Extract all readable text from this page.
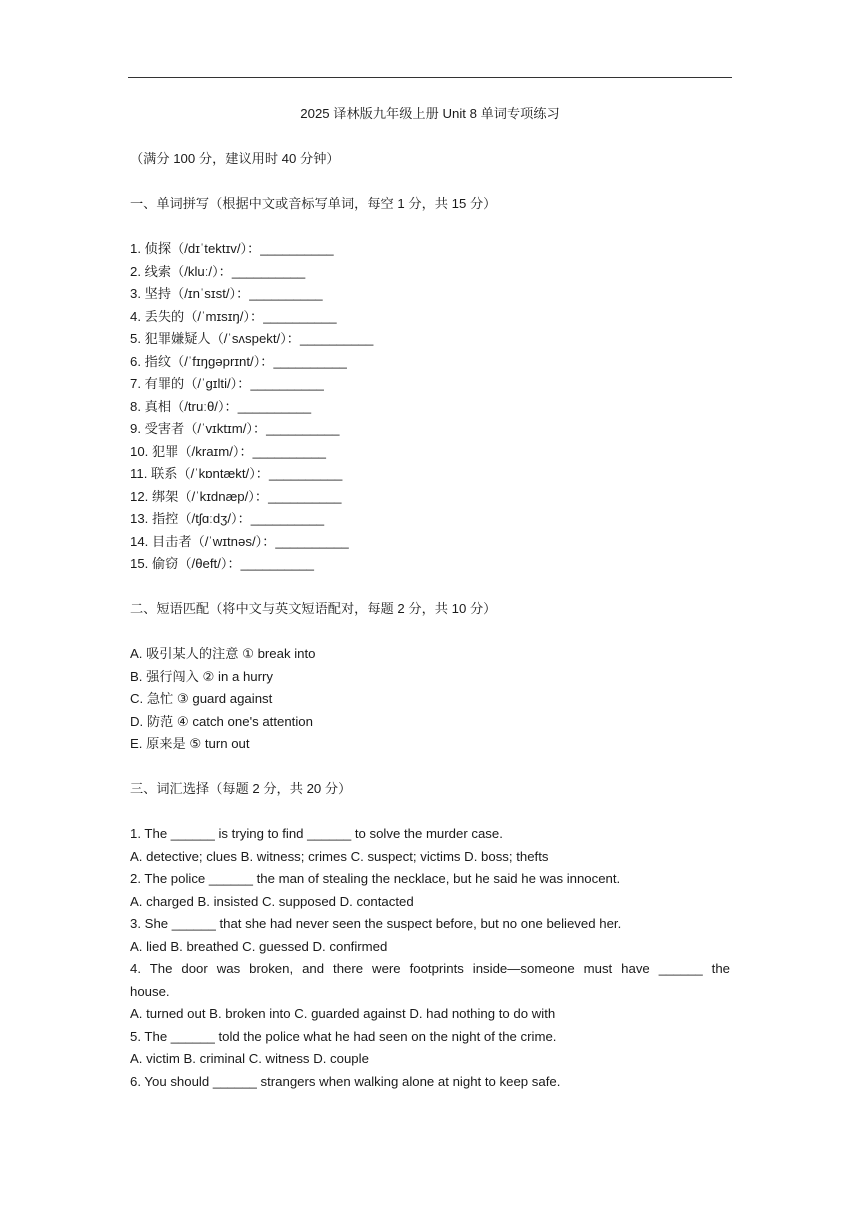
2025 译林版九年级上册 Unit 8 单词专项练习
（满分 100 分，建议用时 40 分钟）
一、单词拼写（根据中文或音标写单词，每空 1 分，共 15 分）
1. 侦探（/dɪˈtektɪv/）：__________
2. 线索（/kluː/）：__________
3. 坚持（/ɪnˈsɪst/）：__________
4. 丢失的（/ˈmɪsɪŋ/）：__________
5. 犯罪嫌疑人（/ˈsʌspekt/）：__________
6. 指纹（/ˈfɪŋɡəprɪnt/）：__________
7. 有罪的（/ˈɡɪlti/）：__________
8. 真相（/truːθ/）：__________
9. 受害者（/ˈvɪktɪm/）：__________
10. 犯罪（/kraɪm/）：__________
11. 联系（/ˈkɒntækt/）：__________
12. 绑架（/ˈkɪdnæp/）：__________
13. 指控（/tʃɑːdʒ/）：__________
14. 目击者（/ˈwɪtnəs/）：__________
15. 偷窃（/θeft/）：__________
二、短语匹配（将中文与英文短语配对，每题 2 分，共 10 分）
A. 吸引某人的注意 ① break into
B. 强行闯入 ② in a hurry
C. 急忙 ③ guard against
D. 防范 ④ catch one's attention
E. 原来是 ⑤ turn out
三、词汇选择（每题 2 分，共 20 分）
1. The ______ is trying to find ______ to solve the murder case.
A. detective; clues B. witness; crimes C. suspect; victims D. boss; thefts
2. The police ______ the man of stealing the necklace, but he said he was innocent.
A. charged B. insisted C. supposed D. contacted
3. She ______ that she had never seen the suspect before, but no one believed her.
A. lied B. breathed C. guessed D. confirmed
4. The door was broken, and there were footprints inside—someone must have ______ the
house.
A. turned out B. broken into C. guarded against D. had nothing to do with
5. The ______ told the police what he had seen on the night of the crime.
A. victim B. criminal C. witness D. couple
6. You should ______ strangers when walking alone at night to keep safe.
